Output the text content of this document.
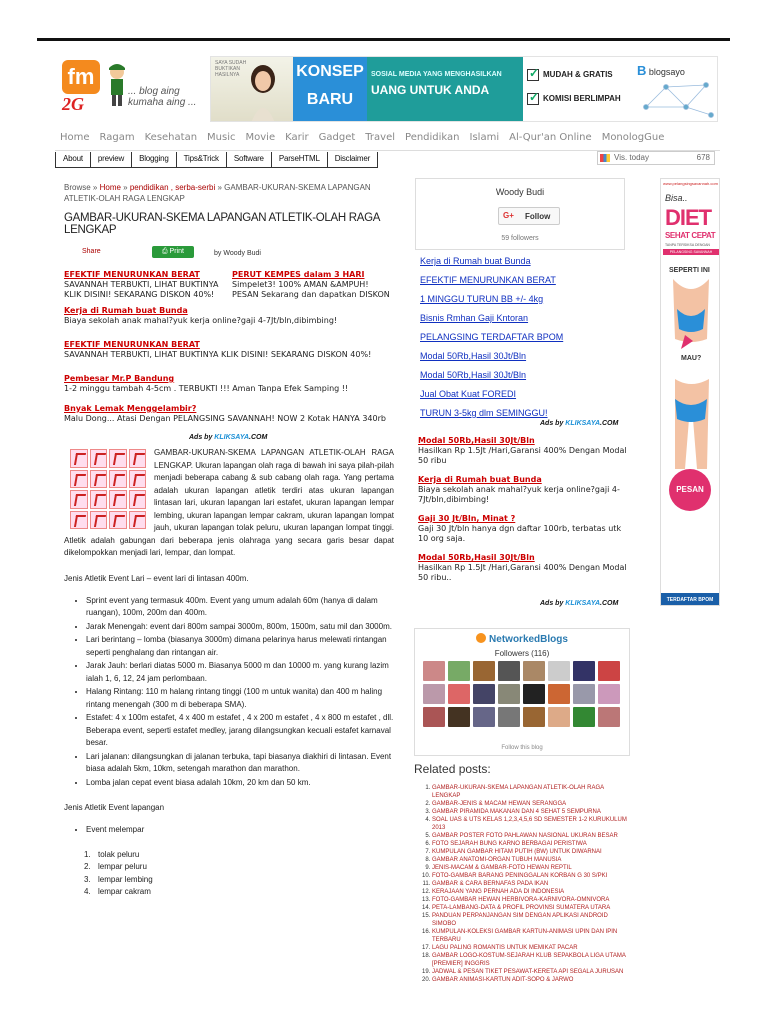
fm
2G
... blog aing
kumaha aing ...
SAYA SUDAH BUKTIKAN HASILNYA	KONSEP
BARU
SOSIAL MEDIA YANG MENGHASILKAN
UANG UNTUK ANDA
✓MUDAH & GRATIS
✓KOMISI BERLIMPAH
B blogsayo
Home Ragam Kesehatan Music Movie Karir Gadget Travel Pendidikan Islami Al-Qur'an Online MonologGue
About	preview	Blogging	Tips&Trick	Software	ParseHTML	Disclaimer	Vis. today	678
Browse » Home » pendidikan , serba-serbi » GAMBAR-UKURAN-SKEMA LAPANGAN ATLETIK-OLAH RAGA LENGKAP
GAMBAR-UKURAN-SKEMA LAPANGAN ATLETIK-OLAH RAGA LENGKAP
Share	⎙ Print	by Woody Budi
EFEKTIF MENURUNKAN BERAT
SAVANNAH TERBUKTI, LIHAT BUKTINYA KLIK DISINI! SEKARANG DISKON 40%!
PERUT KEMPES dalam 3 HARI
Simpelet3! 100% AMAN &AMPUH! PESAN Sekarang dan dapatkan DISKON
Kerja di Rumah buat Bunda
Biaya sekolah anak mahal?yuk kerja online?gaji 4-7Jt/bln,dibimbing!
EFEKTIF MENURUNKAN BERAT
SAVANNAH TERBUKTI, LIHAT BUKTINYA KLIK DISINI! SEKARANG DISKON 40%!
Pembesar Mr.P Bandung
1-2 minggu tambah 4-5cm . TERBUKTI !!! Aman Tanpa Efek Samping !!
Bnyak Lemak Menggelambir?
Malu Dong... Atasi Dengan PELANGSING SAVANNAH! NOW 2 Kotak HANYA 340rb
Ads by KLIKSAYA.COM
GAMBAR-UKURAN-SKEMA LAPANGAN ATLETIK-OLAH RAGA LENGKAP. Ukuran lapangan olah raga di bawah ini saya pilah-pilah menjadi beberapa cabang & sub cabang olah raga. Yang pertama adalah ukuran lapangan atletik terdiri atas ukuran lapangan lintasan lari, ukuran lapangan lari estafet, ukuran lapangan lempar lembing, ukuran lapangan lempar cakram, ukuran lapangan lompat jauh, ukuran lapangan tolak peluru, ukuran lapangan lompat tinggi. Atletik adalah gabungan dari beberapa jenis olahraga yang secara garis besar dapat dikelompokkan menjadi lari, lempar, dan lompat.
Jenis Atletik Event Lari – event lari di lintasan 400m.
• Sprint event yang termasuk 400m. Event yang umum adalah 60m (hanya di dalam ruangan), 100m, 200m dan 400m.
• Jarak Menengah: event dari 800m sampai 3000m, 800m, 1500m, satu mil dan 3000m.
• Lari berintang – lomba (biasanya 3000m) dimana pelarinya harus melewati rintangan seperti penghalang dan rintangan air.
• Jarak Jauh: berlari diatas 5000 m. Biasanya 5000 m dan 10000 m. yang kurang lazim ialah 1, 6, 12, 24 jam perlombaan.
• Halang Rintang: 110 m halang rintang tinggi (100 m untuk wanita) dan 400 m haling rintang menengah (300 m di beberapa SMA).
• Estafet: 4 x 100m estafet, 4 x 400 m estafet , 4 x 200 m estafet , 4 x 800 m estafet , dll. Beberapa event, seperti estafet medley, jarang dilangsungkan kecuali estafet karnaval besar.
• Lari jalanan: dilangsungkan di jalanan terbuka, tapi biasanya diakhiri di lintasan. Event biasa adalah 5km, 10km, setengah marathon dan marathon.
• Lomba jalan cepat event biasa adalah 10km, 20 km dan 50 km.
Jenis Atletik Event lapangan
• Event melempar
1. tolak peluru
2. lempar peluru
3. lempar lembing
4. lempar cakram
Woody Budi
G+ Follow
59 followers
Kerja di Rumah buat Bunda
EFEKTIF MENURUNKAN BERAT
1 MINGGU TURUN BB +/- 4kg
Bisnis Rmhan Gaji Kntoran
PELANGSING TERDAFTAR BPOM
Modal 50Rb,Hasil 30Jt/Bln
Modal 50Rb,Hasil 30Jt/Bln
Jual Obat Kuat FOREDI
TURUN 3-5kg dlm SEMINGGU!
Ads by KLIKSAYA.COM
Modal 50Rb,Hasil 30Jt/Bln
Hasilkan Rp 1.5Jt /Hari,Garansi 400% Dengan Modal 50 ribu
Kerja di Rumah buat Bunda
Biaya sekolah anak mahal?yuk kerja online?gaji 4-7Jt/bln,dibimbing!
Gaji 30 Jt/Bln, Minat ?
Gaji 30 Jt/bln hanya dgn daftar 100rb, terbatas utk 10 org saja.
Modal 50Rb,Hasil 30Jt/Bln
Hasilkan Rp 1.5Jt /Hari,Garansi 400% Dengan Modal 50 ribu..
Ads by KLIKSAYA.COM
NetworkedBlogs
Followers (116)
Follow this blog
Related posts:
1. GAMBAR-UKURAN-SKEMA LAPANGAN ATLETIK-OLAH RAGA LENGKAP
2. GAMBAR-JENIS & MACAM HEWAN SERANGGA
3. GAMBAR PIRAMIDA MAKANAN DAN 4 SEHAT 5 SEMPURNA
4. SOAL UAS & UTS KELAS 1,2,3,4,5,6 SD SEMESTER 1-2 KURUKULUM 2013
5. GAMBAR POSTER FOTO PAHLAWAN NASIONAL UKURAN BESAR
6. FOTO SEJARAH BUNG KARNO BERBAGAI PERISTIWA
7. KUMPULAN GAMBAR HITAM PUTIH (BW) UNTUK DIWARNAI
8. GAMBAR ANATOMI-ORGAN TUBUH MANUSIA
9. JENIS-MACAM & GAMBAR-FOTO HEWAN REPTIL
10. FOTO-GAMBAR BARANG PENINGGALAN KORBAN G 30 S/PKI
11. GAMBAR & CARA BERNAFAS PADA IKAN
12. KERAJAAN YANG PERNAH ADA DI INDONESIA
13. FOTO-GAMBAR HEWAN HERBIVORA-KARNIVORA-OMNIVORA
14. PETA-LAMBANG-DATA & PROFIL PROVINSI SUMATERA UTARA
15. PANDUAN PERPANJANGAN SIM DENGAN APLIKASI ANDROID SIMOBO
16. KUMPULAN-KOLEKSI GAMBAR KARTUN-ANIMASI UPIN DAN IPIN TERBARU
17. LAGU PALING ROMANTIS UNTUK MEMIKAT PACAR
18. GAMBAR LOGO-KOSTUM-SEJARAH KLUB SEPAKBOLA LIGA UTAMA [PREMIER] INGGRIS
19. JADWAL & PESAN TIKET PESAWAT-KERETA API SEGALA JURUSAN
20. GAMBAR ANIMASI-KARTUN ADIT-SOPO & JARWO
www.pelangsingsavannah.com
Bisa..
DIET
SEHAT CEPAT
TANPA TERSIKSA DENGAN
PELANGSING SAVANNAH
SEPERTI INI
MAU?
PESAN
TERDAFTAR BPOM
